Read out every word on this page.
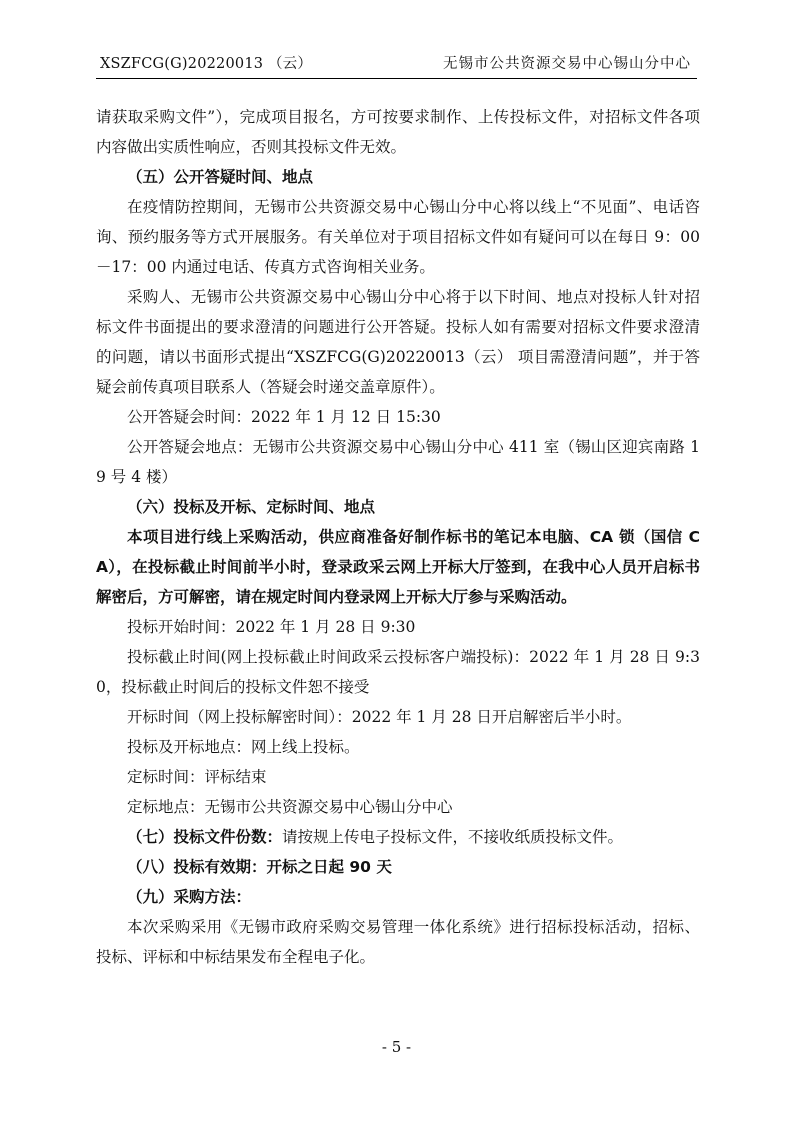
XSZFCG(G)20220013 （云）	无锡市公共资源交易中心锡山分中心

请获取采购文件”），完成项目报名，方可按要求制作、上传投标文件，对招标文件各项内容做出实质性响应，否则其投标文件无效。

（五）公开答疑时间、地点

在疫情防控期间，无锡市公共资源交易中心锡山分中心将以线上“不见面”、电话咨询、预约服务等方式开展服务。有关单位对于项目招标文件如有疑问可以在每日 9：00－17：00 内通过电话、传真方式咨询相关业务。

采购人、无锡市公共资源交易中心锡山分中心将于以下时间、地点对投标人针对招标文件书面提出的要求澄清的问题进行公开答疑。投标人如有需要对招标文件要求澄清的问题，请以书面形式提出“XSZFCG(G)20220013（云） 项目需澄清问题”，并于答疑会前传真项目联系人（答疑会时递交盖章原件）。

公开答疑会时间：2022 年 1 月 12 日 15:30

公开答疑会地点：无锡市公共资源交易中心锡山分中心 411 室（锡山区迎宾南路 19 号 4 楼）

（六）投标及开标、定标时间、地点

本项目进行线上采购活动，供应商准备好制作标书的笔记本电脑、CA 锁（国信 CA），在投标截止时间前半小时，登录政采云网上开标大厅签到，在我中心人员开启标书解密后，方可解密，请在规定时间内登录网上开标大厅参与采购活动。

投标开始时间：2022 年 1 月 28 日 9:30

投标截止时间(网上投标截止时间政采云投标客户端投标)：2022 年 1 月 28 日 9:30，投标截止时间后的投标文件恕不接受

开标时间（网上投标解密时间）：2022 年 1 月 28 日开启解密后半小时。

投标及开标地点：网上线上投标。

定标时间：评标结束

定标地点：无锡市公共资源交易中心锡山分中心

（七）投标文件份数：请按规上传电子投标文件，不接收纸质投标文件。

（八）投标有效期：开标之日起 90 天

（九）采购方法：

本次采购采用《无锡市政府采购交易管理一体化系统》进行招标投标活动，招标、投标、评标和中标结果发布全程电子化。

- 5 -
